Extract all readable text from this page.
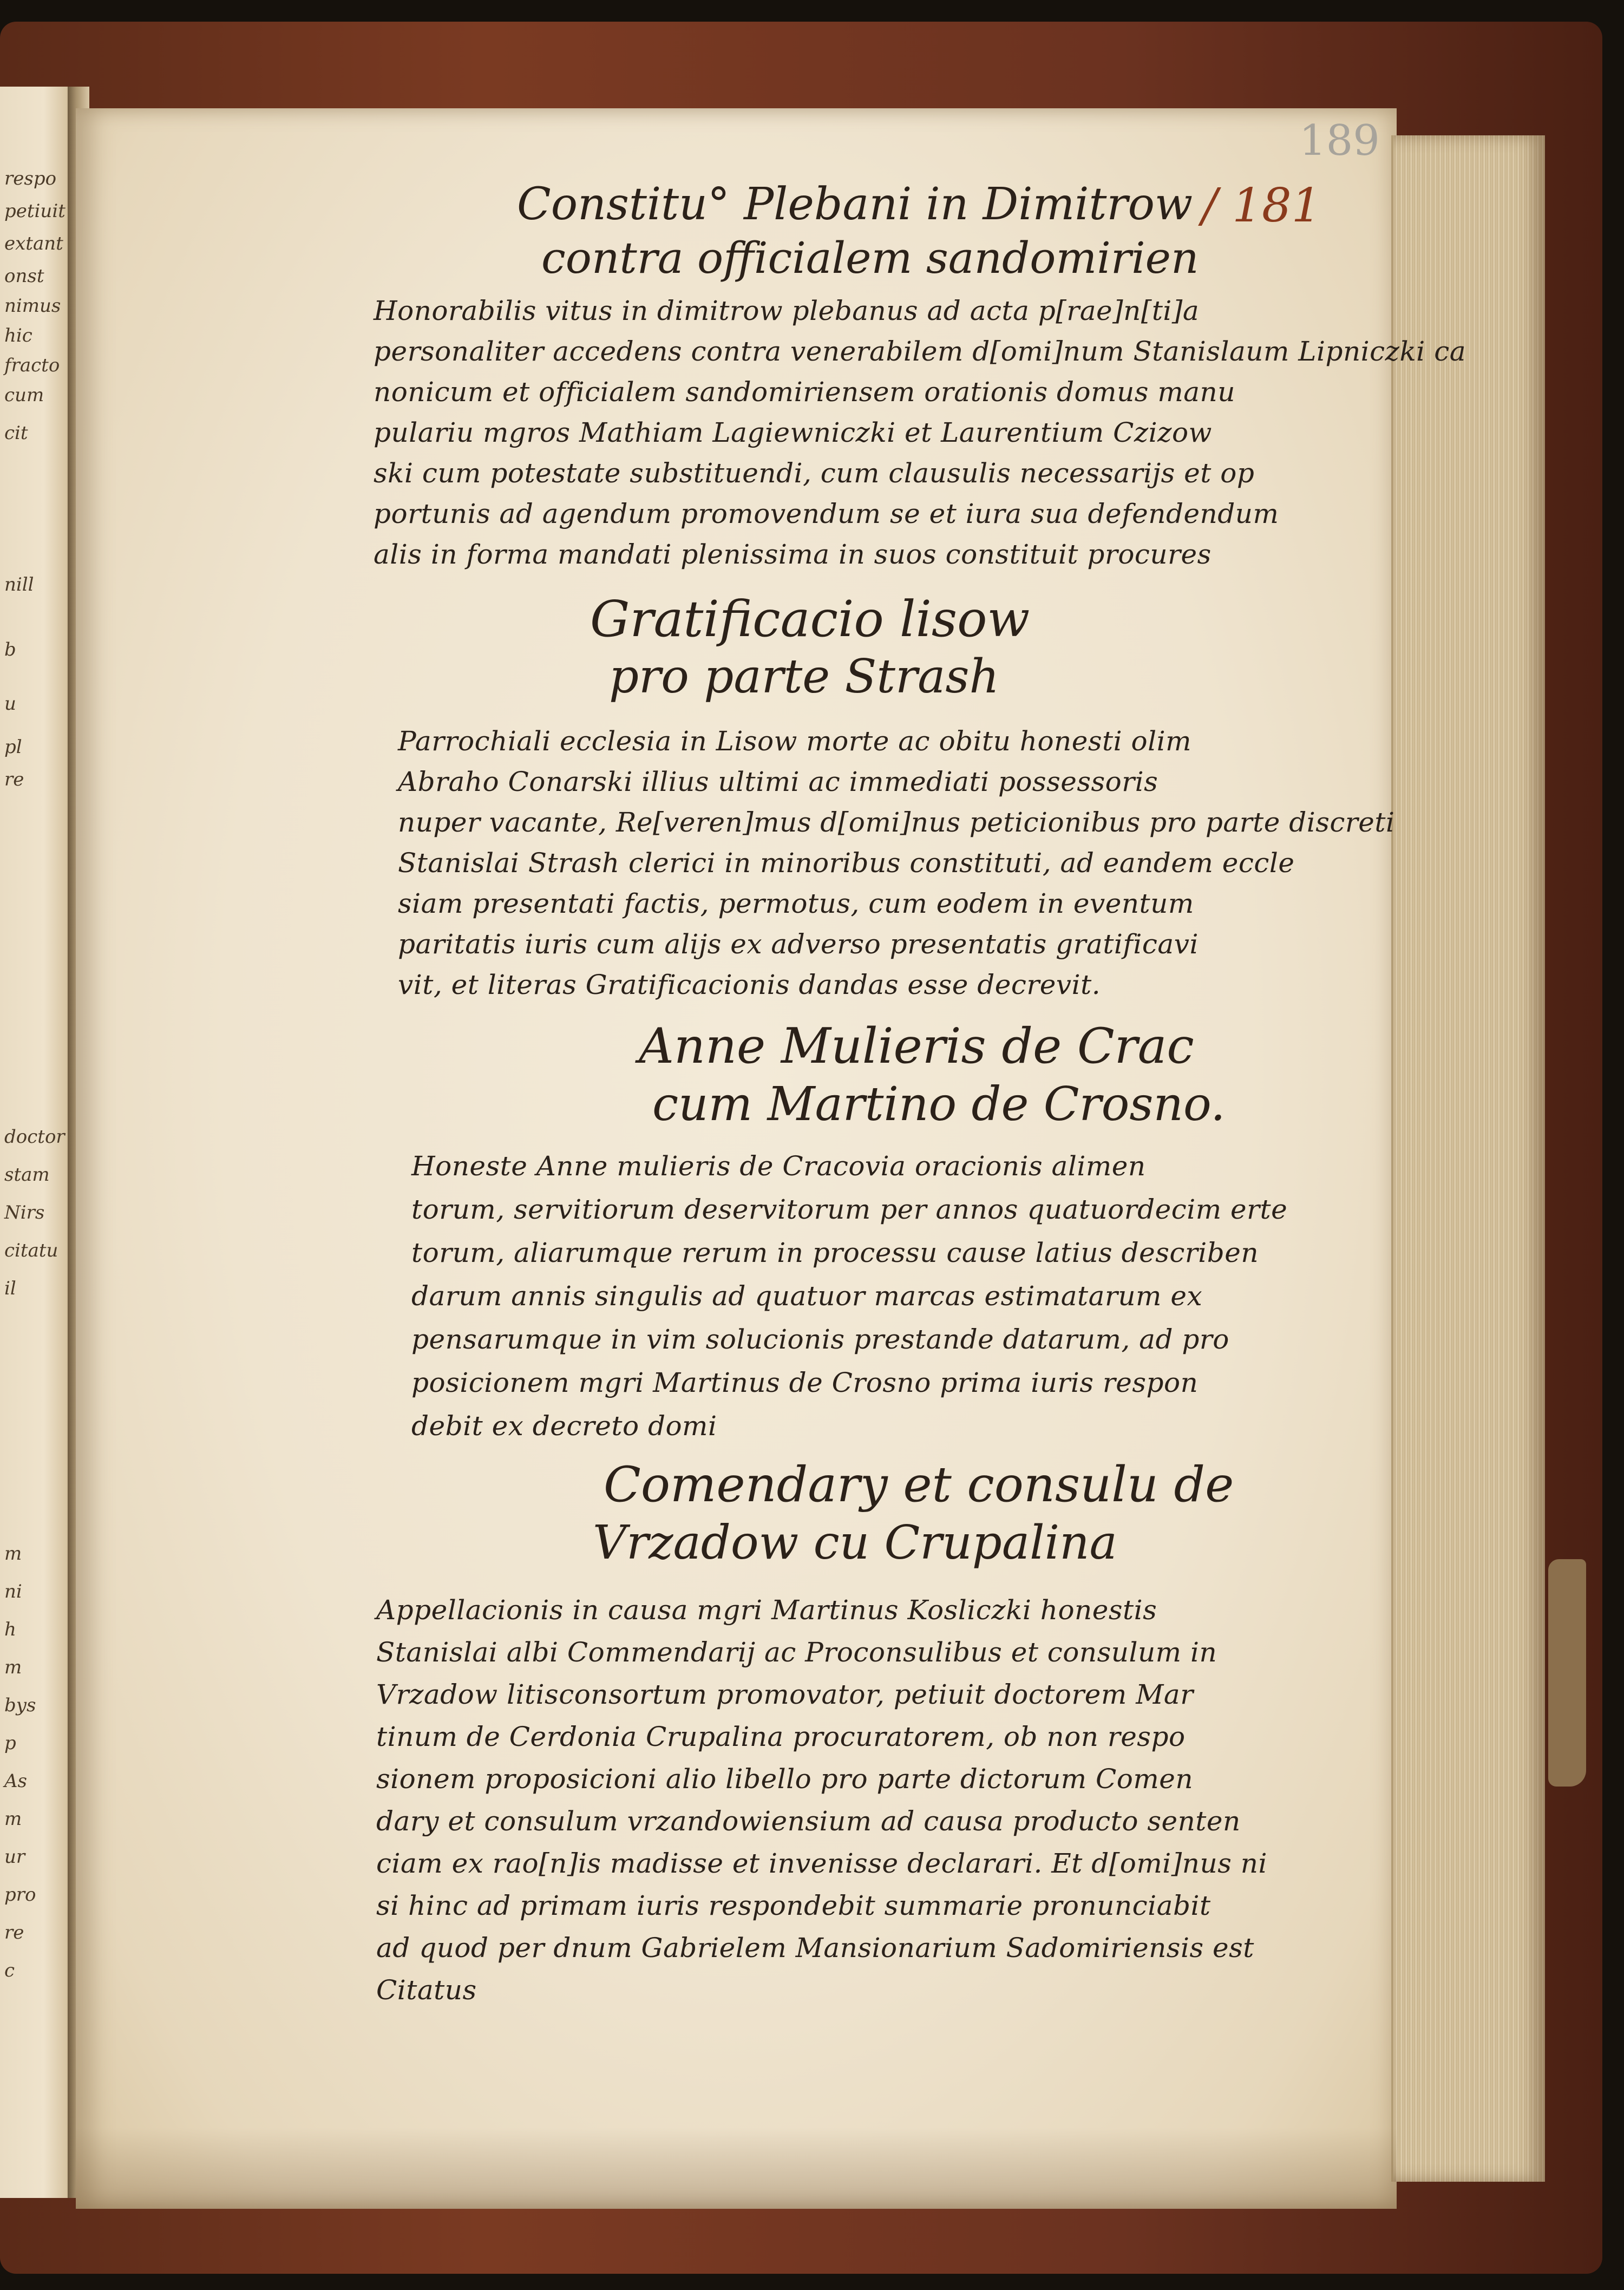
respo
petiuit
extant
onst
nimus
hic
fracto
cum
cit
nill
b
u
pl
re
doctor
stam
Nirs
citatu
il
m
ni
h
m
bys
p
As
m
ur
pro
re
c
189
/ 181
Constitu° Plebani in Dimitrow
contra officialem sandomirien
Honorabilis vitus in dimitrow plebanus ad acta p[rae]n[ti]a
personaliter accedens contra venerabilem d[omi]num Stanislaum Lipniczki ca
nonicum et officialem sandomiriensem orationis domus manu
pulariu mgros Mathiam Lagiewniczki et Laurentium Czizow
ski cum potestate substituendi, cum clausulis necessarijs et op
portunis ad agendum promovendum se et iura sua defendendum
alis in forma mandati plenissima in suos constituit procures
Gratificacio lisow
pro parte Strash
Parrochiali ecclesia in Lisow morte ac obitu honesti olim
Abraho Conarski illius ultimi ac immediati possessoris
nuper vacante, Re[veren]mus d[omi]nus peticionibus pro parte discreti
Stanislai Strash clerici in minoribus constituti, ad eandem eccle
siam presentati factis, permotus, cum eodem in eventum
paritatis iuris cum alijs ex adverso presentatis gratificavi
vit, et literas Gratificacionis dandas esse decrevit.
Anne Mulieris de Crac
cum Martino de Crosno.
Honeste Anne mulieris de Cracovia oracionis alimen
torum, servitiorum deservitorum per annos quatuordecim erte
torum, aliarumque rerum in processu cause latius describen
darum annis singulis ad quatuor marcas estimatarum ex
pensarumque in vim solucionis prestande datarum, ad pro
posicionem mgri Martinus de Crosno prima iuris respon
debit ex decreto domi
Comendary et consulu de
Vrzadow cu Crupalina
Appellacionis in causa mgri Martinus Kosliczki honestis
Stanislai albi Commendarij ac Proconsulibus et consulum in
Vrzadow litisconsortum promovator, petiuit doctorem Mar
tinum de Cerdonia Crupalina procuratorem, ob non respo
sionem proposicioni alio libello pro parte dictorum Comen
dary et consulum vrzandowiensium ad causa producto senten
ciam ex rao[n]is madisse et invenisse declarari. Et d[omi]nus ni
si hinc ad primam iuris respondebit summarie pronunciabit
ad quod per dnum Gabrielem Mansionarium Sadomiriensis est
Citatus
